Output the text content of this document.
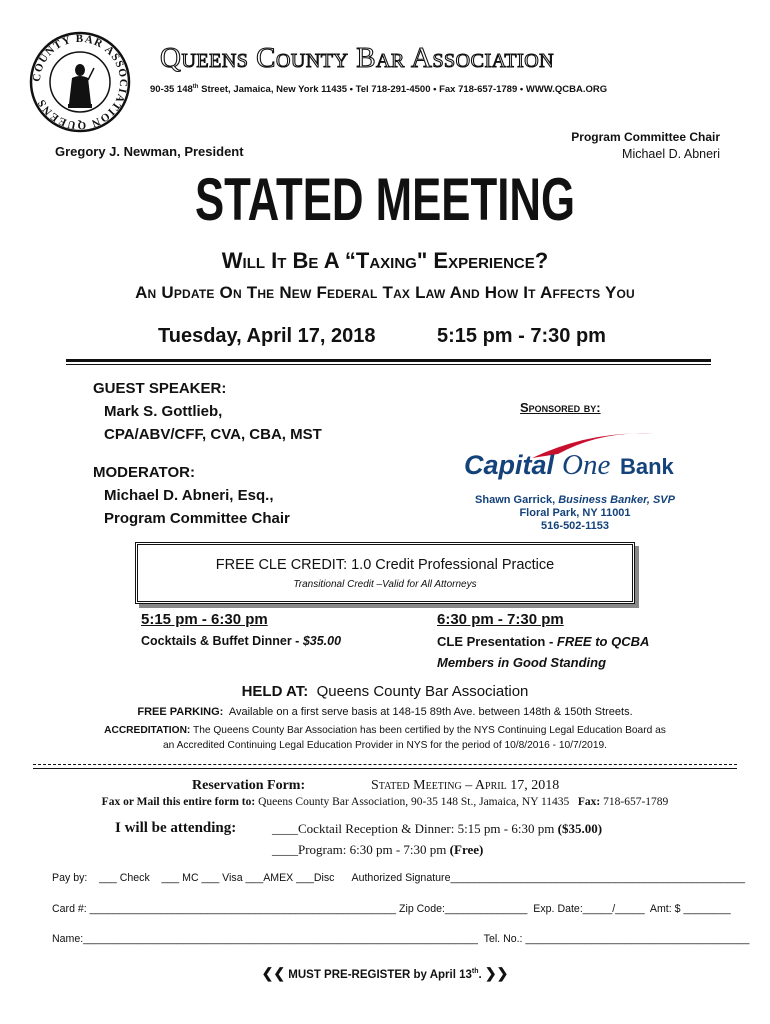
COUNTY BAR ASSOCIATION QUEENS
Queens County Bar Association
90-35 148th Street, Jamaica, New York 11435 • Tel 718-291-4500 • Fax 718-657-1789 • WWW.QCBA.ORG
Gregory J. Newman, President
Program Committee Chair
Michael D. Abneri
STATED MEETING
Will It Be A “Taxing" Experience?
An Update On The New Federal Tax Law And How It Affects You
Tuesday, April 17, 2018	5:15 pm - 7:30 pm
GUEST SPEAKER:
Mark S. Gottlieb,
CPA/ABV/CFF, CVA, CBA, MST
MODERATOR:
Michael D. Abneri, Esq.,
Program Committee Chair
Sponsored by:
Capital One Bank
Shawn Garrick, Business Banker, SVP
Floral Park, NY 11001
516-502-1153
FREE CLE CREDIT: 1.0 Credit Professional Practice
Transitional Credit –Valid for All Attorneys
5:15 pm - 6:30 pm
Cocktails & Buffet Dinner - $35.00
6:30 pm - 7:30 pm
CLE Presentation - FREE to QCBA
Members in Good Standing
HELD AT: Queens County Bar Association
FREE PARKING: Available on a first serve basis at 148-15 89th Ave. between 148th & 150th Streets.
ACCREDITATION: The Queens County Bar Association has been certified by the NYS Continuing Legal Education Board as
an Accredited Continuing Legal Education Provider in NYS for the period of 10/8/2016 - 10/7/2019.
Reservation Form:	Stated Meeting – April 17, 2018
Fax or Mail this entire form to: Queens County Bar Association, 90-35 148 St., Jamaica, NY 11435 Fax: 718-657-1789
I will be attending:	____Cocktail Reception & Dinner: 5:15 pm - 6:30 pm ($35.00)
____Program: 6:30 pm - 7:30 pm (Free)
Pay by:    ___ Check    ___ MC ___ Visa ___AMEX ___Disc      Authorized Signature__________________________________________________
Card #: ____________________________________________________ Zip Code:______________  Exp. Date:_____/_____  Amt: $ ________
Name:___________________________________________________________________  Tel. No.: ______________________________________
❮❮ MUST PRE-REGISTER by April 13th. ❯❯
